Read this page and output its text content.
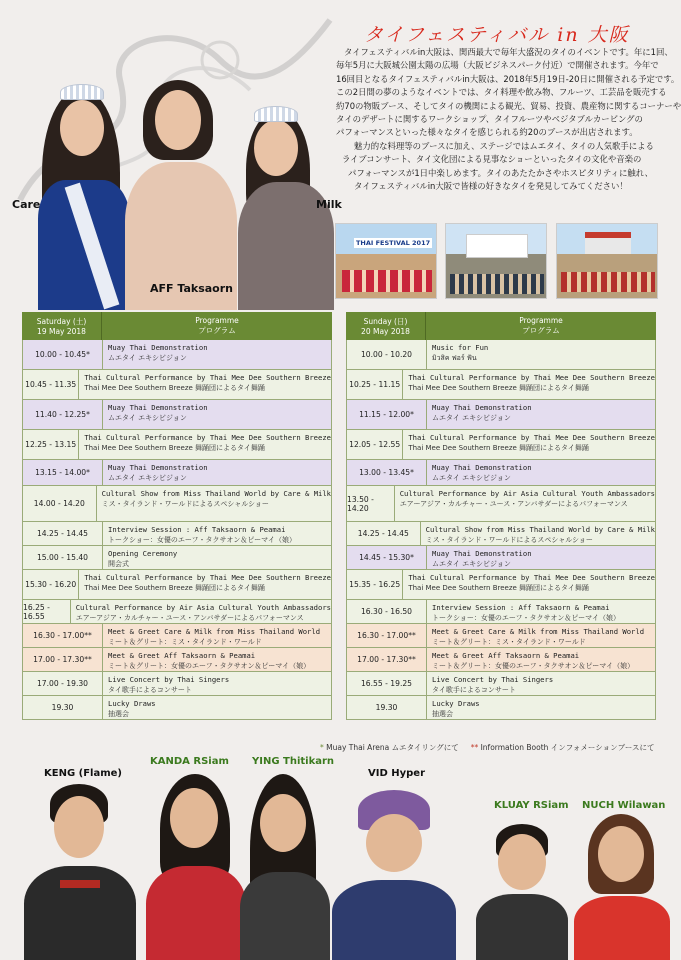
Care
AFF Taksaorn
Milk
タイフェスティバル in 大阪

タイフェスティバルin大阪は、関西最大で毎年大盛況のタイのイベントです。年に1回、

毎年5月に大阪城公園太陽の広場（大阪ビジネスパーク付近）で開催されます。今年で

16回目となるタイフェスティバルin大阪は、2018年5月19日-20日に開催される予定です。

この2日間の夢のようなイベントでは、タイ料理や飲み物、フルーツ、工芸品を販売する

約70の物販ブース、そしてタイの機関による観光、貿易、投資、農産物に関するコーナーや

タイのデザートに関するワークショップ、タイフルーツやベジタブルカービングの

パフォーマンスといった様々なタイを感じられる約20のブースが出店されます。

魅力的な料理等のブースに加え、ステージではムエタイ、タイの人気歌手による

ライブコンサート、タイ文化団による見事なショーといったタイの文化や音楽の

パフォーマンスが1日中楽しめます。タイのあたたかさやホスピタリティに触れ、

タイフェスティバルin大阪で皆様の好きなタイを発見してみてください！

THAI FESTIVAL 2017
Saturday (土)
19 May 2018
Programme
プログラム
10.00 - 10.45*
Muay Thai Demonstration
ムエタイ エキシビジョン
10.45 - 11.35
Thai Cultural Performance by Thai Mee Dee Southern Breeze
Thai Mee Dee Southern Breeze 舞踊団によるタイ舞踊
11.40 - 12.25*
Muay Thai Demonstration
ムエタイ エキシビジョン
12.25 - 13.15
Thai Cultural Performance by Thai Mee Dee Southern Breeze
Thai Mee Dee Southern Breeze 舞踊団によるタイ舞踊
13.15 - 14.00*
Muay Thai Demonstration
ムエタイ エキシビジョン
14.00 - 14.20
Cultural Show from Miss Thailand World by Care & Milk
ミス・タイランド・ワールドによるスペシャルショー
14.25 - 14.45	Interview Session : Aff Taksaorn & Peamai
トークショー：女優のエーフ・タクサオン＆ピーマイ（娘）
15.00 - 15.40	Opening Ceremony
開会式
15.30 - 16.20
Thai Cultural Performance by Thai Mee Dee Southern Breeze
Thai Mee Dee Southern Breeze 舞踊団によるタイ舞踊
16.25 - 16.55
Cultural Performance by Air Asia Cultural Youth Ambassadors
エアーアジア・カルチャー・ユース・アンバサダーによるパフォーマンス
16.30 - 17.00**	Meet & Greet Care & Milk from Miss Thailand World
ミート＆グリート：ミス・タイランド・ワールド
17.00 - 17.30**	Meet & Greet Aff Taksaorn & Peamai
ミート＆グリート：女優のエーフ・タクサオン＆ピーマイ（娘）
17.00 - 19.30	Live Concert by Thai Singers
タイ歌手によるコンサート
19.30	Lucky Draws
抽選会
Sunday (日)
20 May 2018
Programme
プログラム
10.00 - 10.20
Music for Fun
มิวสิค ฟอร์ ฟัน
10.25 - 11.15
Thai Cultural Performance by Thai Mee Dee Southern Breeze
Thai Mee Dee Southern Breeze 舞踊団によるタイ舞踊
11.15 - 12.00*
Muay Thai Demonstration
ムエタイ エキシビジョン
12.05 - 12.55
Thai Cultural Performance by Thai Mee Dee Southern Breeze
Thai Mee Dee Southern Breeze 舞踊団によるタイ舞踊
13.00 - 13.45*
Muay Thai Demonstration
ムエタイ エキシビジョン
13.50 - 14.20
Cultural Performance by Air Asia Cultural Youth Ambassadors
エアーアジア・カルチャー・ユース・アンバサダーによるパフォーマンス
14.25 - 14.45	Cultural Show from Miss Thailand World by Care & Milk
ミス・タイランド・ワールドによるスペシャルショー
14.45 - 15.30*	Muay Thai Demonstration
ムエタイ エキシビジョン
15.35 - 16.25
Thai Cultural Performance by Thai Mee Dee Southern Breeze
Thai Mee Dee Southern Breeze 舞踊団によるタイ舞踊
16.30 - 16.50	Interview Session : Aff Taksaorn & Peamai
トークショー：女優のエーフ・タクサオン＆ピーマイ（娘）
16.30 - 17.00**	Meet & Greet Care & Milk from Miss Thailand World
ミート＆グリート：ミス・タイランド・ワールド
17.00 - 17.30**	Meet & Greet Aff Taksaorn & Peamai
ミート＆グリート：女優のエーフ・タクサオン＆ピーマイ（娘）
16.55 - 19.25	Live Concert by Thai Singers
タイ歌手によるコンサート
19.30	Lucky Draws
抽選会
* Muay Thai Arena ムエタイリングにて ** Information Booth インフォメーションブースにて
KENG (Flame)
KANDA RSiam YING Thitikarn
VID Hyper
KLUAY RSiam NUCH Wilawan
